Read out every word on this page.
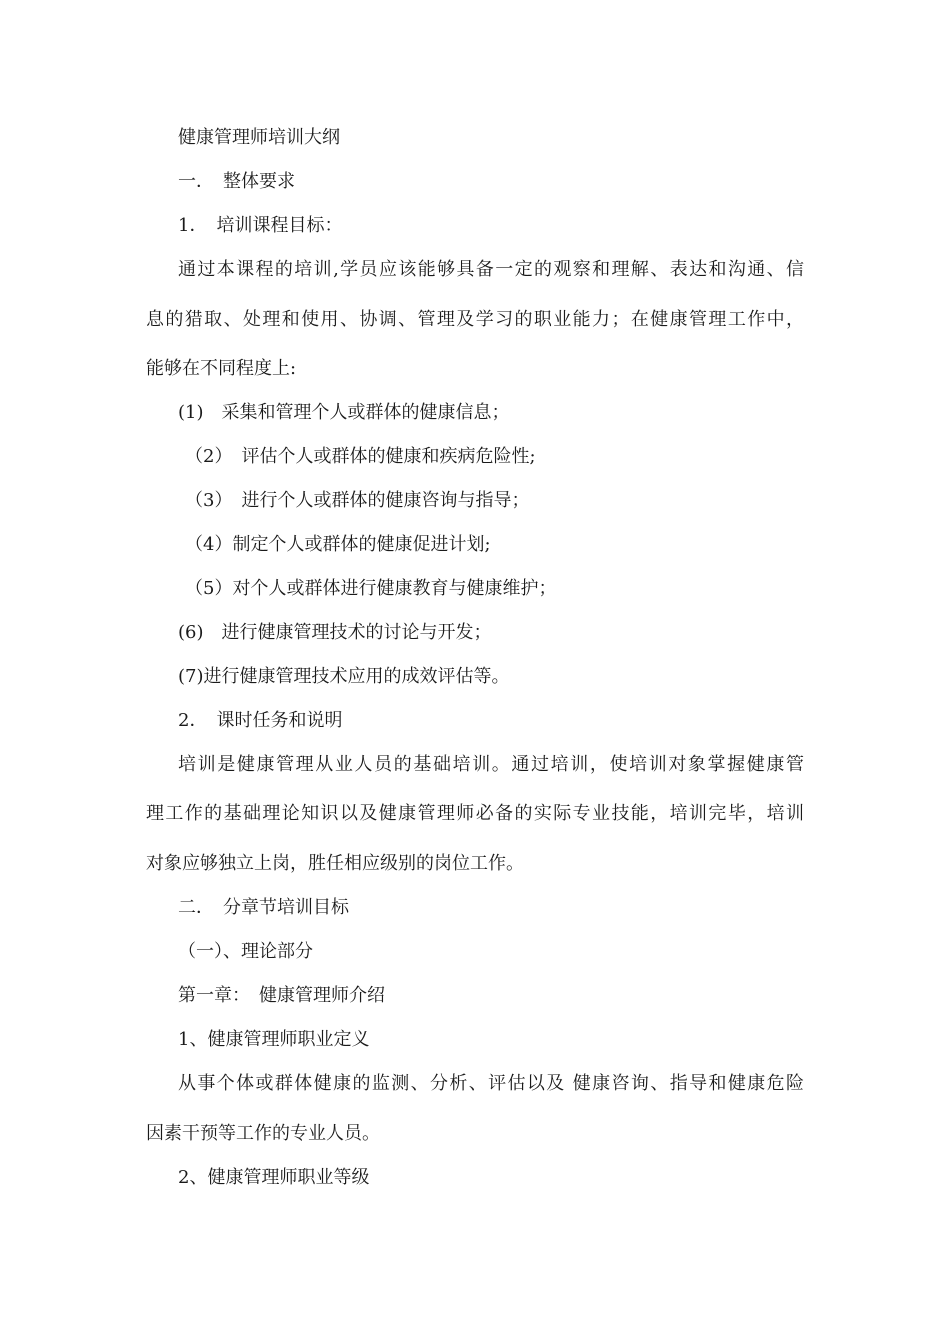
健康管理师培训大纲
一．　整体要求
1．　培训课程目标：
通过本课程的培训,学员应该能够具备一定的观察和理解、表达和沟通、信
息的猎取、处理和使用、协调、管理及学习的职业能力；在健康管理工作中，
能够在不同程度上:
(1)　采集和管理个人或群体的健康信息；
（2）　评估个人或群体的健康和疾病危险性;
（3）　进行个人或群体的健康咨询与指导；
（4）制定个人或群体的健康促进计划;
（5）对个人或群体进行健康教育与健康维护；
(6)　进行健康管理技术的讨论与开发；
(7)进行健康管理技术应用的成效评估等。
2．　课时任务和说明
培训是健康管理从业人员的基础培训。通过培训，使培训对象掌握健康管
理工作的基础理论知识以及健康管理师必备的实际专业技能，培训完毕，培训
对象应够独立上岗，胜任相应级别的岗位工作。
二．　分章节培训目标
（一）、理论部分
第一章：　健康管理师介绍
1、健康管理师职业定义
从事个体或群体健康的监测、分析、评估以及 健康咨询、指导和健康危险
因素干预等工作的专业人员。
2、健康管理师职业等级
